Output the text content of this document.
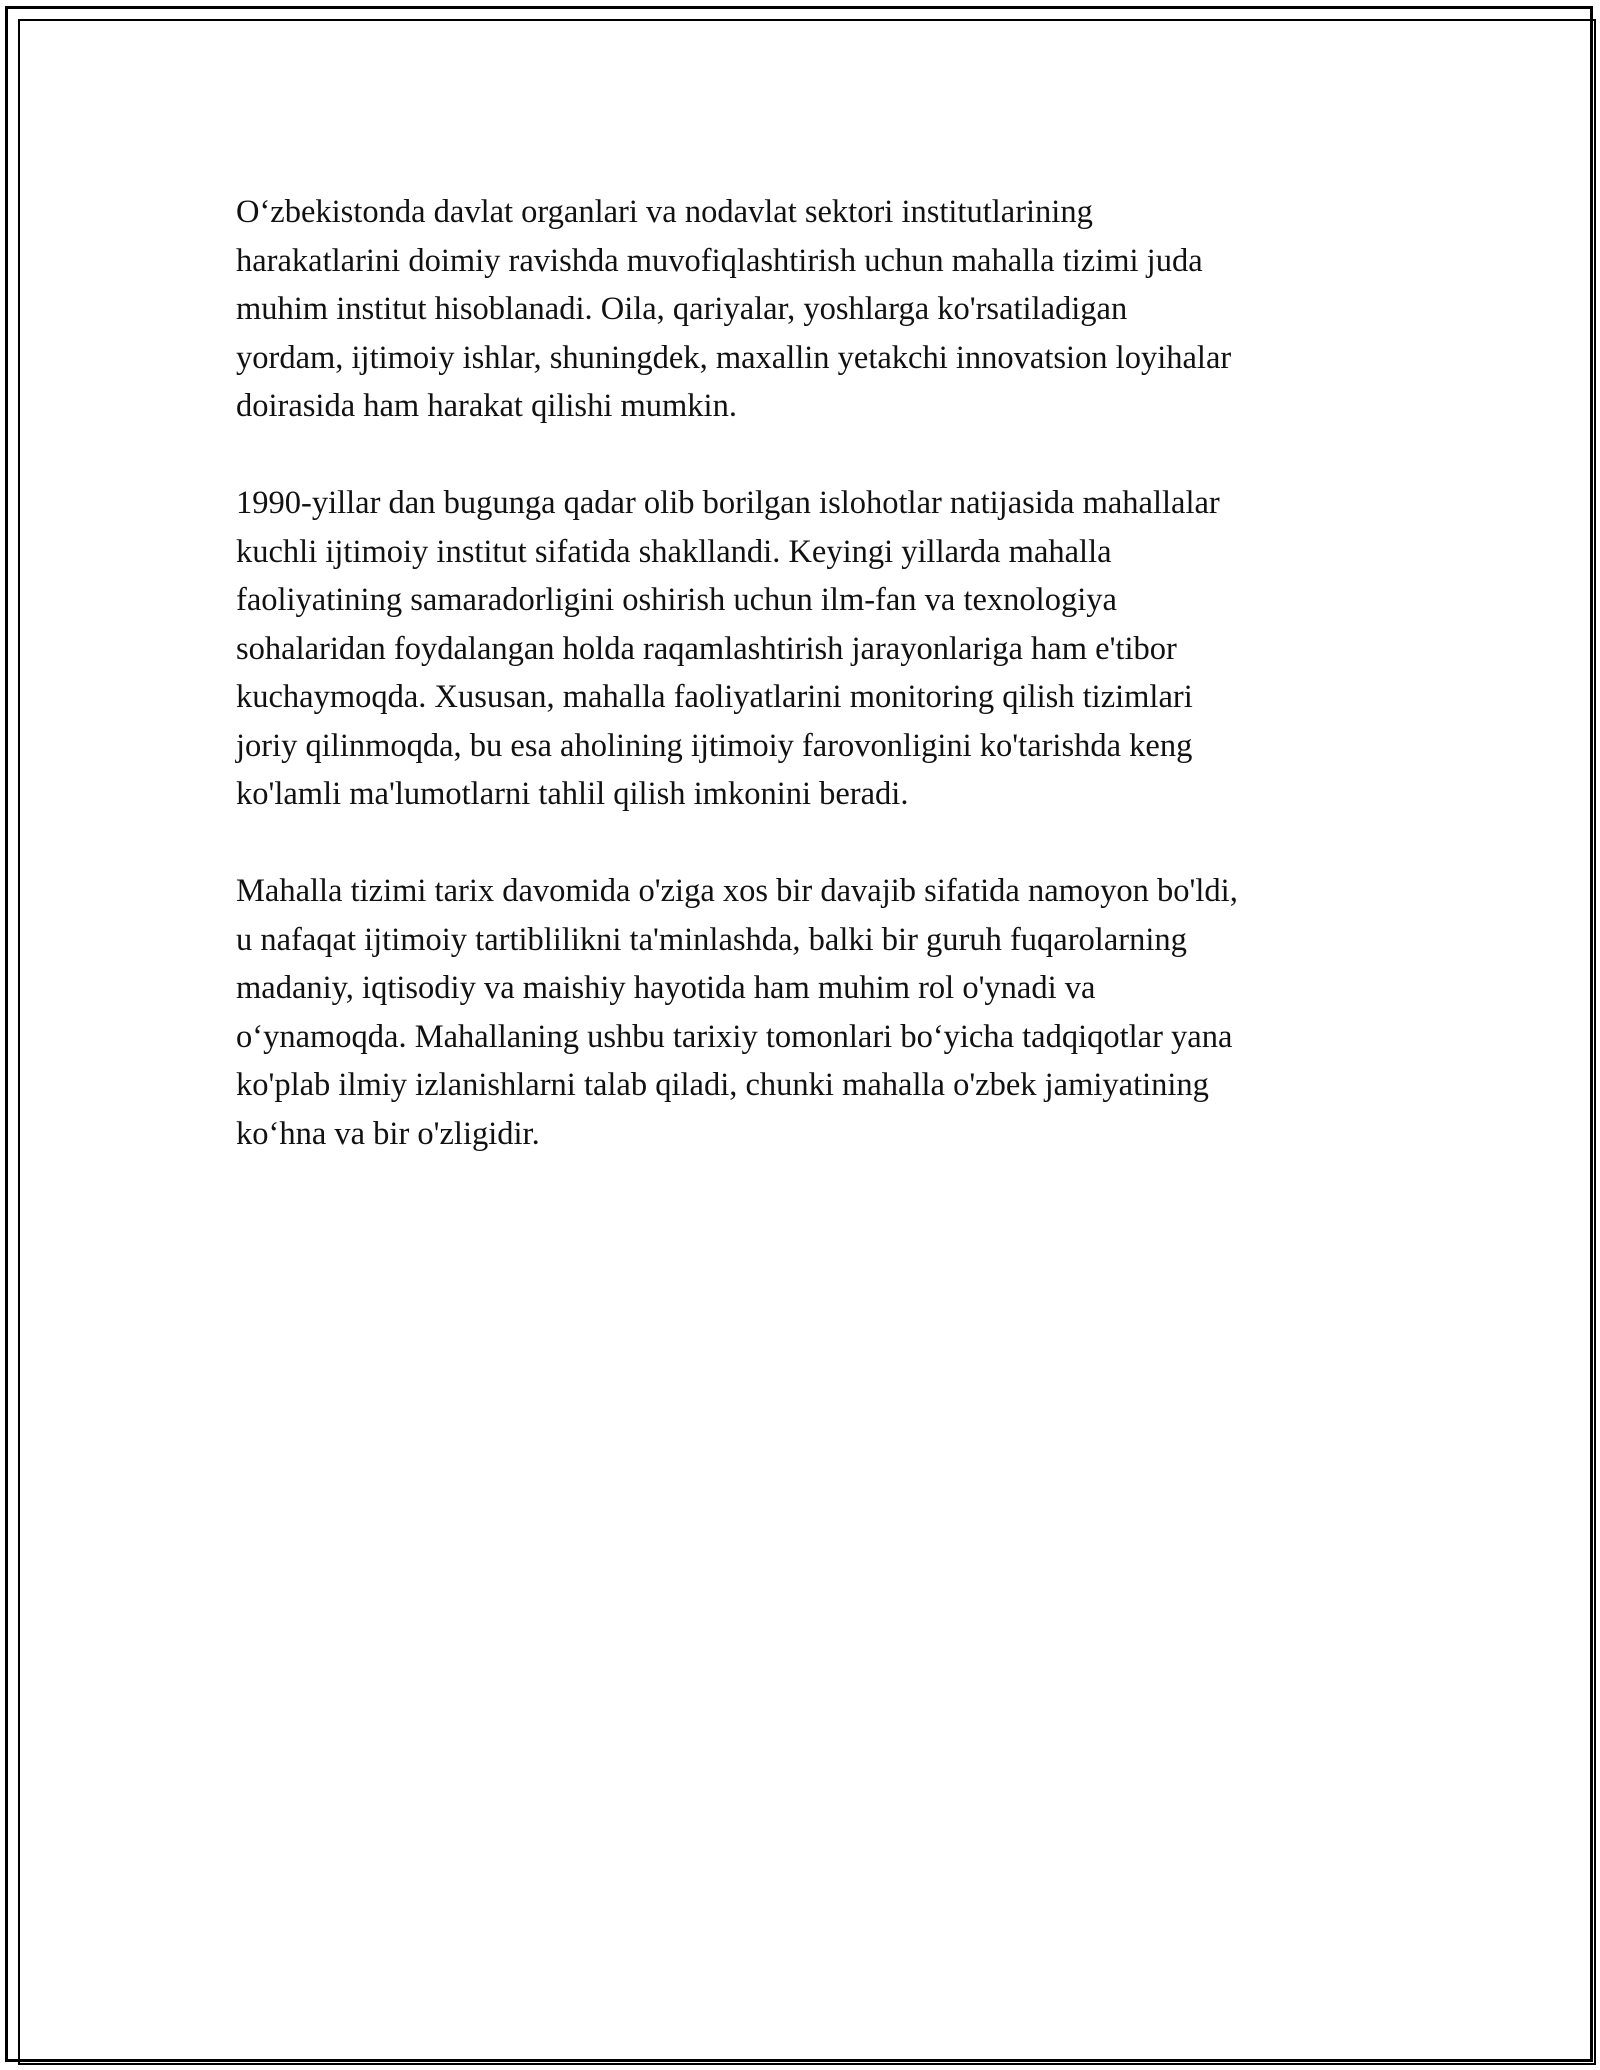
O‘zbekistonda davlat organlari va nodavlat sektori institutlarining
harakatlarini doimiy ravishda muvofiqlashtirish uchun mahalla tizimi juda
muhim institut hisoblanadi. Oila, qariyalar, yoshlarga ko'rsatiladigan
yordam, ijtimoiy ishlar, shuningdek, maxallin yetakchi innovatsion loyihalar
doirasida ham harakat qilishi mumkin.

1990-yillar dan bugunga qadar olib borilgan islohotlar natijasida mahallalar
kuchli ijtimoiy institut sifatida shakllandi. Keyingi yillarda mahalla
faoliyatining samaradorligini oshirish uchun ilm-fan va texnologiya
sohalaridan foydalangan holda raqamlashtirish jarayonlariga ham e'tibor
kuchaymoqda. Xususan, mahalla faoliyatlarini monitoring qilish tizimlari
joriy qilinmoqda, bu esa aholining ijtimoiy farovonligini ko'tarishda keng
ko'lamli ma'lumotlarni tahlil qilish imkonini beradi.

Mahalla tizimi tarix davomida o'ziga xos bir davajib sifatida namoyon bo'ldi,
u nafaqat ijtimoiy tartiblilikni ta'minlashda, balki bir guruh fuqarolarning
madaniy, iqtisodiy va maishiy hayotida ham muhim rol o'ynadi va
o‘ynamoqda. Mahallaning ushbu tarixiy tomonlari bo‘yicha tadqiqotlar yana
ko'plab ilmiy izlanishlarni talab qiladi, chunki mahalla o'zbek jamiyatining
ko‘hna va bir o'zligidir.
